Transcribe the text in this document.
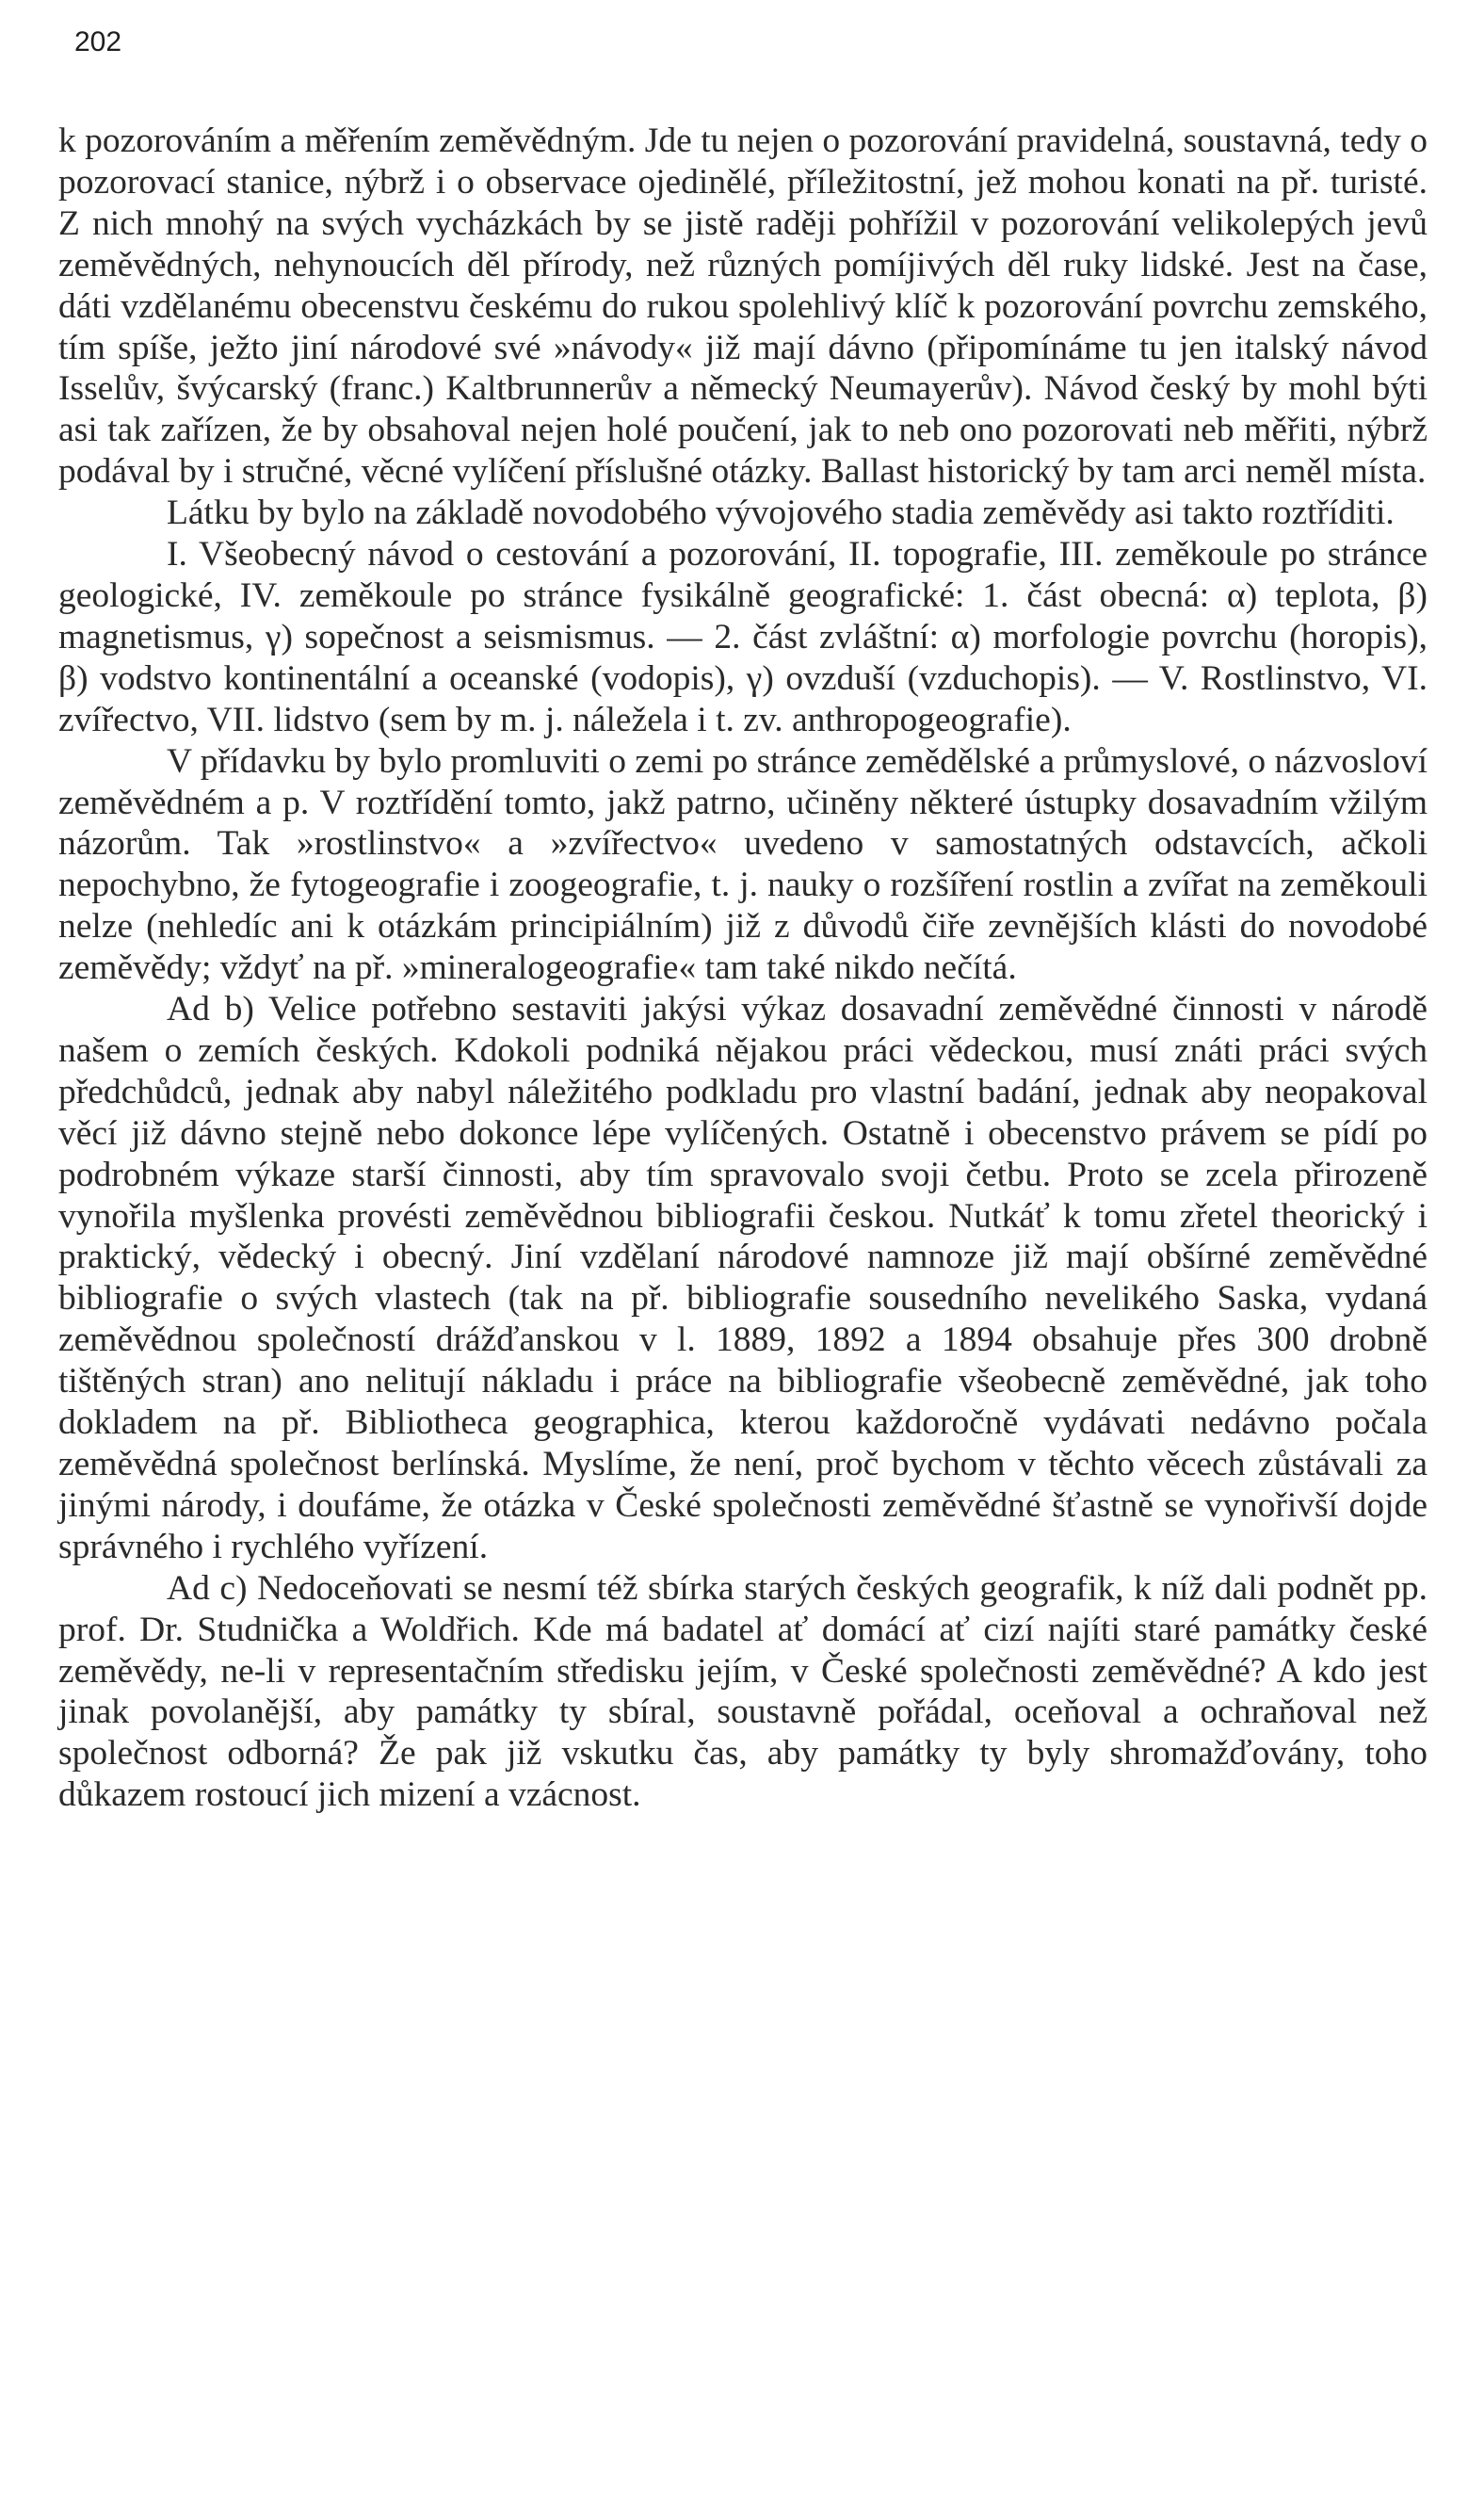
202

k pozorováním a měřením zeměvědným. Jde tu nejen o pozorování pravidelná, soustavná, tedy o pozorovací stanice, nýbrž i o observace ojedinělé, příležitostní, jež mohou konati na př. turisté. Z nich mnohý na svých vycházkách by se jistě raději pohřížil v pozorování velikolepých jevů zeměvědných, nehynoucích děl přírody, než různých pomíjivých děl ruky lidské. Jest na čase, dáti vzdělanému obecenstvu českému do rukou spolehlivý klíč k pozorování povrchu zemského, tím spíše, ježto jiní národové své »návody« již mají dávno (připomínáme tu jen italský návod Isselův, švýcarský (franc.) Kaltbrunnerův a německý Neumayerův). Návod český by mohl býti asi tak zařízen, že by obsahoval nejen holé poučení, jak to neb ono pozorovati neb měřiti, nýbrž podával by i stručné, věcné vylíčení příslušné otázky. Ballast historický by tam arci neměl místa.

Látku by bylo na základě novodobého vývojového stadia zeměvědy asi takto roztříditi.

I. Všeobecný návod o cestování a pozorování, II. topografie, III. zeměkoule po stránce geologické, IV. zeměkoule po stránce fysikálně geografické: 1. část obecná: α) teplota, β) magnetismus, γ) sopečnost a seismismus. — 2. část zvláštní: α) morfologie povrchu (horopis), β) vodstvo kontinentální a oceanské (vodopis), γ) ovzduší (vzduchopis). — V. Rostlinstvo, VI. zvířectvo, VII. lidstvo (sem by m. j. náležela i t. zv. anthropogeografie).

V přídavku by bylo promluviti o zemi po stránce zemědělské a průmyslové, o názvosloví zeměvědném a p. V roztřídění tomto, jakž patrno, učiněny některé ústupky dosavadním vžilým názorům. Tak »rostlinstvo« a »zvířectvo« uvedeno v samostatných odstavcích, ačkoli nepochybno, že fytogeografie i zoogeografie, t. j. nauky o rozšíření rostlin a zvířat na zeměkouli nelze (nehledíc ani k otázkám principiálním) již z důvodů čiře zevnějších klásti do novodobé zeměvědy; vždyť na př. »mineralogeografie« tam také nikdo nečítá.

Ad b) Velice potřebno sestaviti jakýsi výkaz dosavadní zeměvědné činnosti v národě našem o zemích českých. Kdokoli podniká nějakou práci vědeckou, musí znáti práci svých předchůdců, jednak aby nabyl náležitého podkladu pro vlastní badání, jednak aby neopakoval věcí již dávno stejně nebo dokonce lépe vylíčených. Ostatně i obecenstvo právem se pídí po podrobném výkaze starší činnosti, aby tím spravovalo svoji četbu. Proto se zcela přirozeně vynořila myšlenka provésti zeměvědnou bibliografii českou. Nutkáť k tomu zřetel theorický i praktický, vědecký i obecný. Jiní vzdělaní národové namnoze již mají obšírné zeměvědné bibliografie o svých vlastech (tak na př. bibliografie sousedního nevelikého Saska, vydaná zeměvědnou společností drážďanskou v l. 1889, 1892 a 1894 obsahuje přes 300 drobně tištěných stran) ano nelitují nákladu i práce na bibliografie všeobecně zeměvědné, jak toho dokladem na př. Bibliotheca geographica, kterou každoročně vydávati nedávno počala zeměvědná společnost berlínská. Myslíme, že není, proč bychom v těchto věcech zůstávali za jinými národy, i doufáme, že otázka v České společnosti zeměvědné šťastně se vynořivší dojde správného i rychlého vyřízení.

Ad c) Nedoceňovati se nesmí též sbírka starých českých geografik, k níž dali podnět pp. prof. Dr. Studnička a Woldřich. Kde má badatel ať domácí ať cizí najíti staré památky české zeměvědy, ne-li v representačním středisku jejím, v České společnosti zeměvědné? A kdo jest jinak povolanější, aby památky ty sbíral, soustavně pořádal, oceňoval a ochraňoval než společnost odborná? Že pak již vskutku čas, aby památky ty byly shromažďovány, toho důkazem rostoucí jich mizení a vzácnost.
